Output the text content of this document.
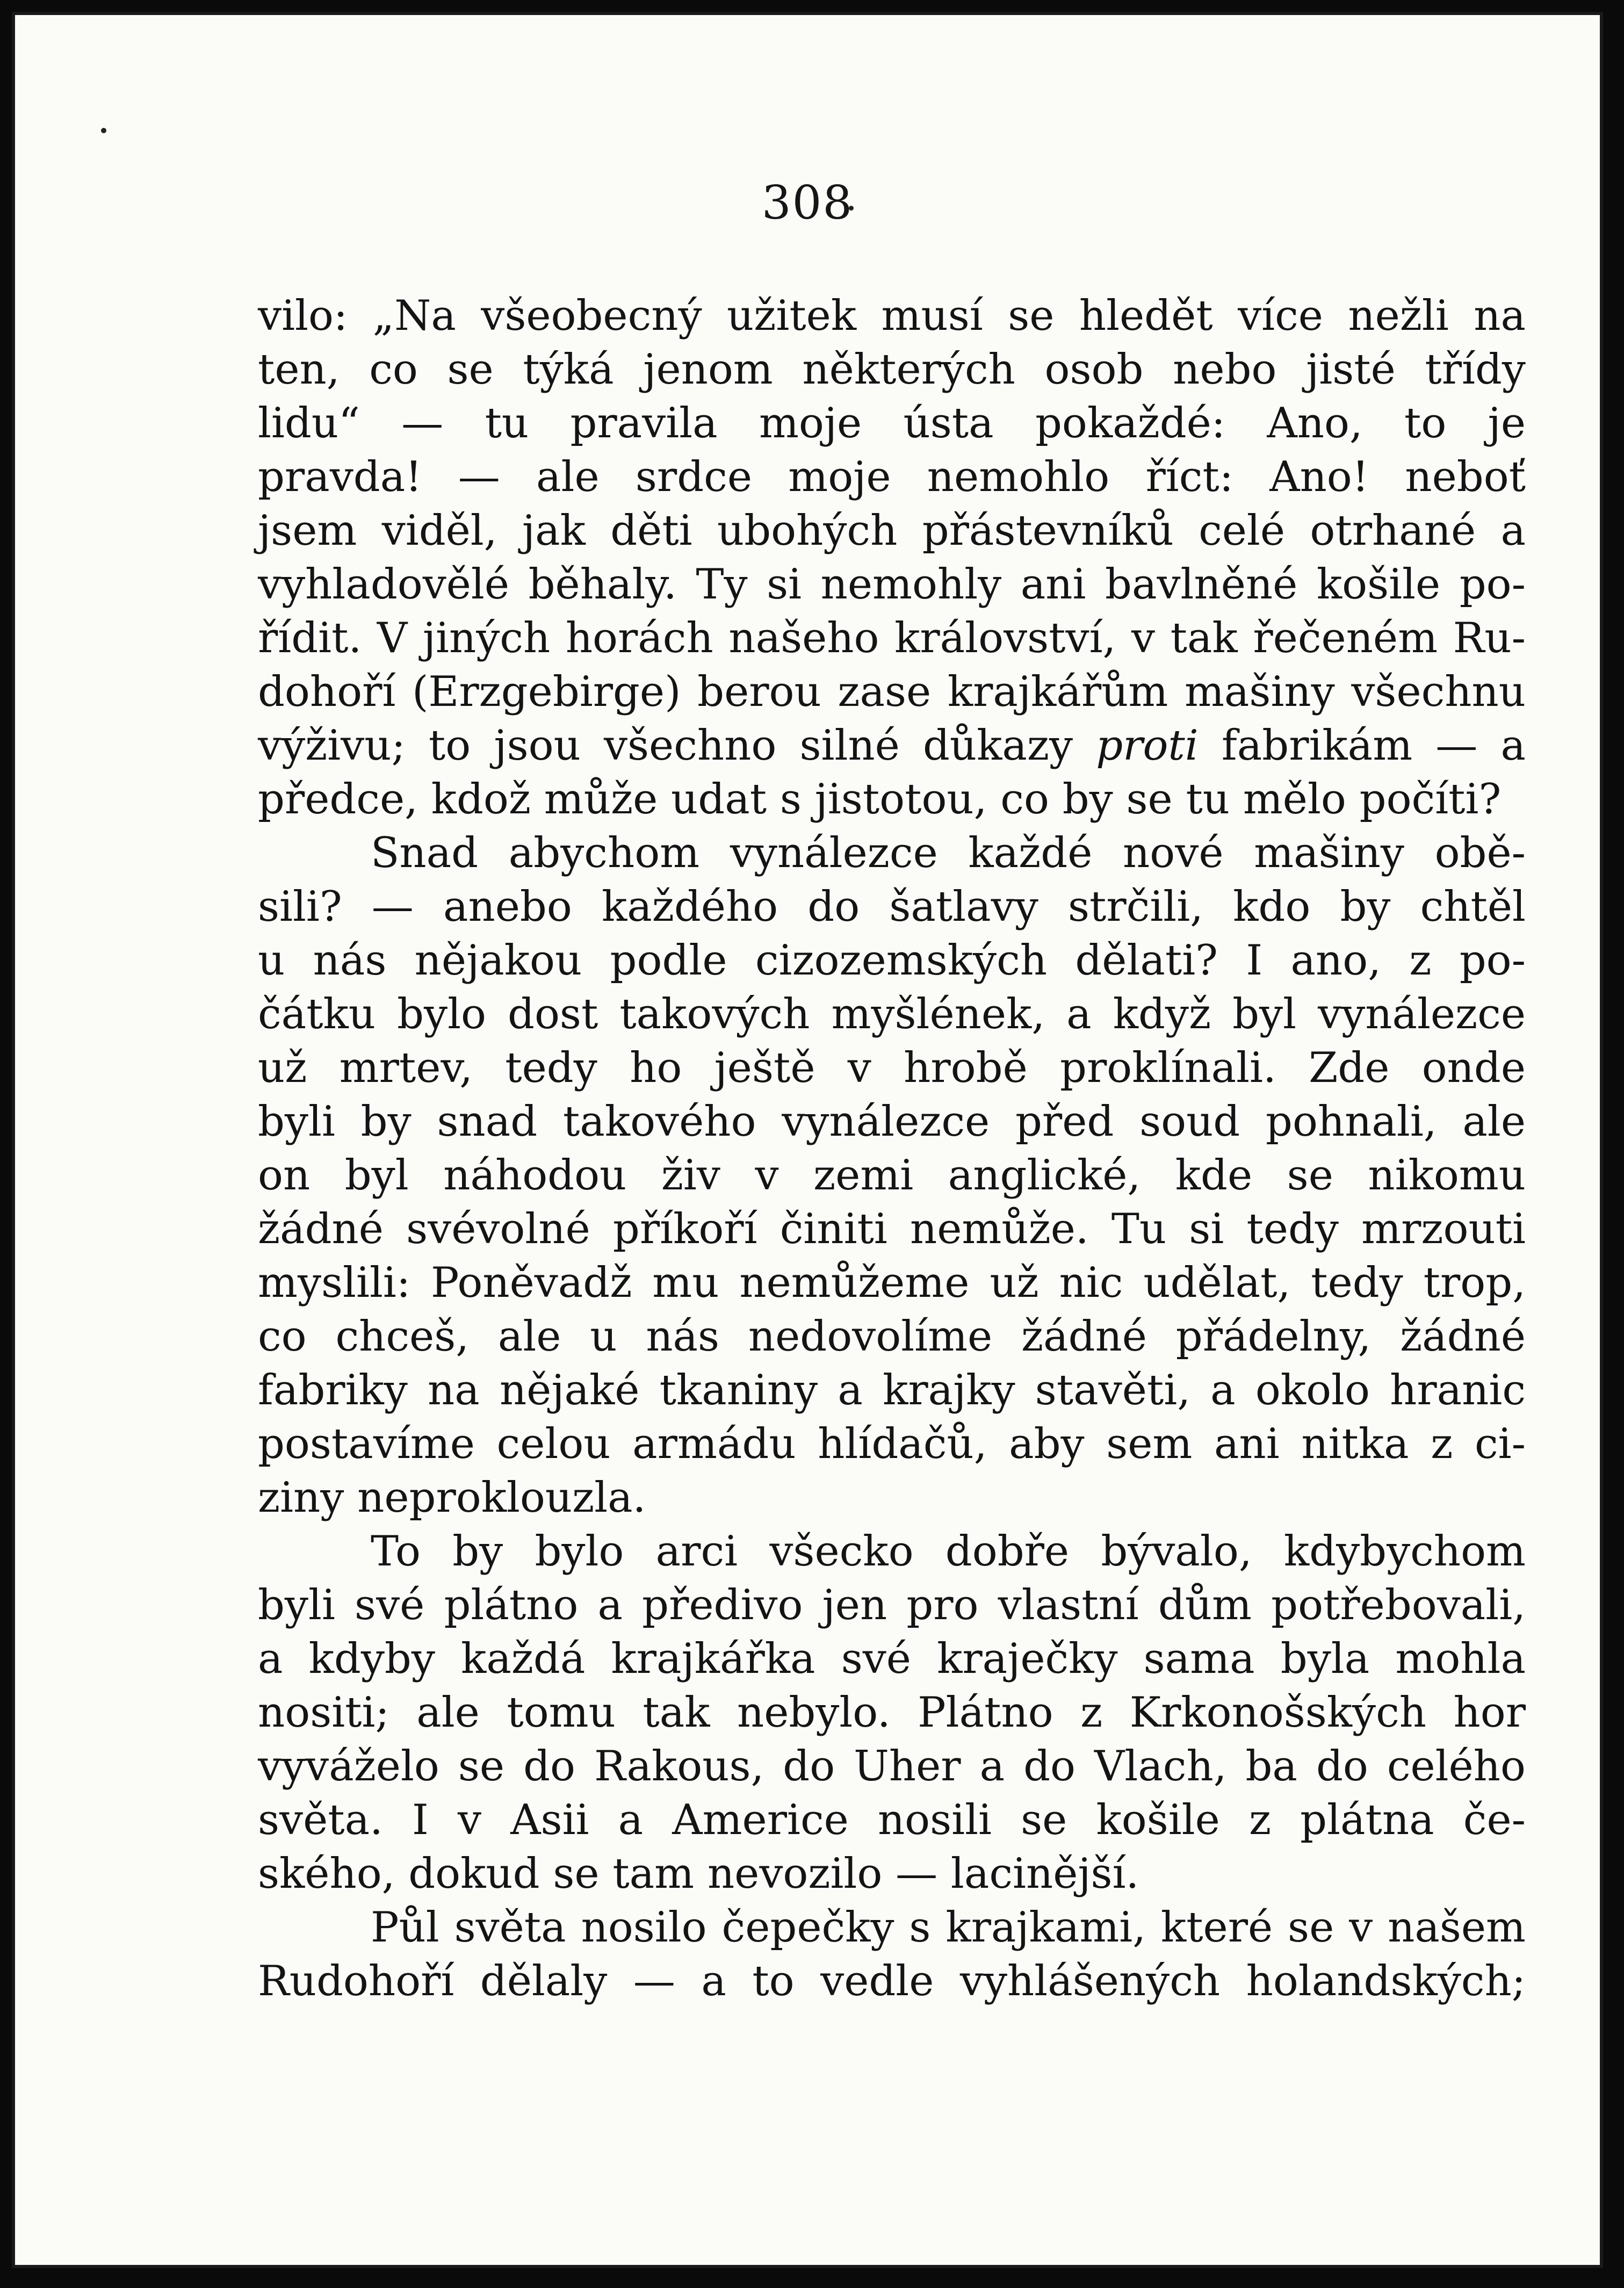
308

vilo: „Na všeobecný užitek musí se hledět více nežli na
ten, co se týká jenom některých osob nebo jisté třídy
lidu“ — tu pravila moje ústa pokaždé: Ano, to je
pravda! — ale srdce moje nemohlo říct: Ano! neboť
jsem viděl, jak děti ubohých přástevníků celé otrhané a
vyhladovělé běhaly. Ty si nemohly ani bavlněné košile po-
řídit. V jiných horách našeho království, v tak řečeném Ru-
dohoří (Erzgebirge) berou zase krajkářům mašiny všechnu
výživu; to jsou všechno silné důkazy proti fabrikám — a
předce, kdož může udat s jistotou, co by se tu mělo počíti?

Snad abychom vynálezce každé nové mašiny obě-
sili? — anebo každého do šatlavy strčili, kdo by chtěl
u nás nějakou podle cizozemských dělati? I ano, z po-
čátku bylo dost takových myšlének, a když byl vynálezce
už mrtev, tedy ho ještě v hrobě proklínali. Zde onde
byli by snad takového vynálezce před soud pohnali, ale
on byl náhodou živ v zemi anglické, kde se nikomu
žádné svévolné příkoří činiti nemůže. Tu si tedy mrzouti
myslili: Poněvadž mu nemůžeme už nic udělat, tedy trop,
co chceš, ale u nás nedovolíme žádné přádelny, žádné
fabriky na nějaké tkaniny a krajky stavěti, a okolo hranic
postavíme celou armádu hlídačů, aby sem ani nitka z ci-
ziny neproklouzla.

To by bylo arci všecko dobře bývalo, kdybychom
byli své plátno a předivo jen pro vlastní dům potřebovali,
a kdyby každá krajkářka své kraječky sama byla mohla
nositi; ale tomu tak nebylo. Plátno z Krkonošských hor
vyváželo se do Rakous, do Uher a do Vlach, ba do celého
světa. I v Asii a Americe nosili se košile z plátna če-
ského, dokud se tam nevozilo — lacinější.

Půl světa nosilo čepečky s krajkami, které se v našem
Rudohoří dělaly — a to vedle vyhlášených holandských;
